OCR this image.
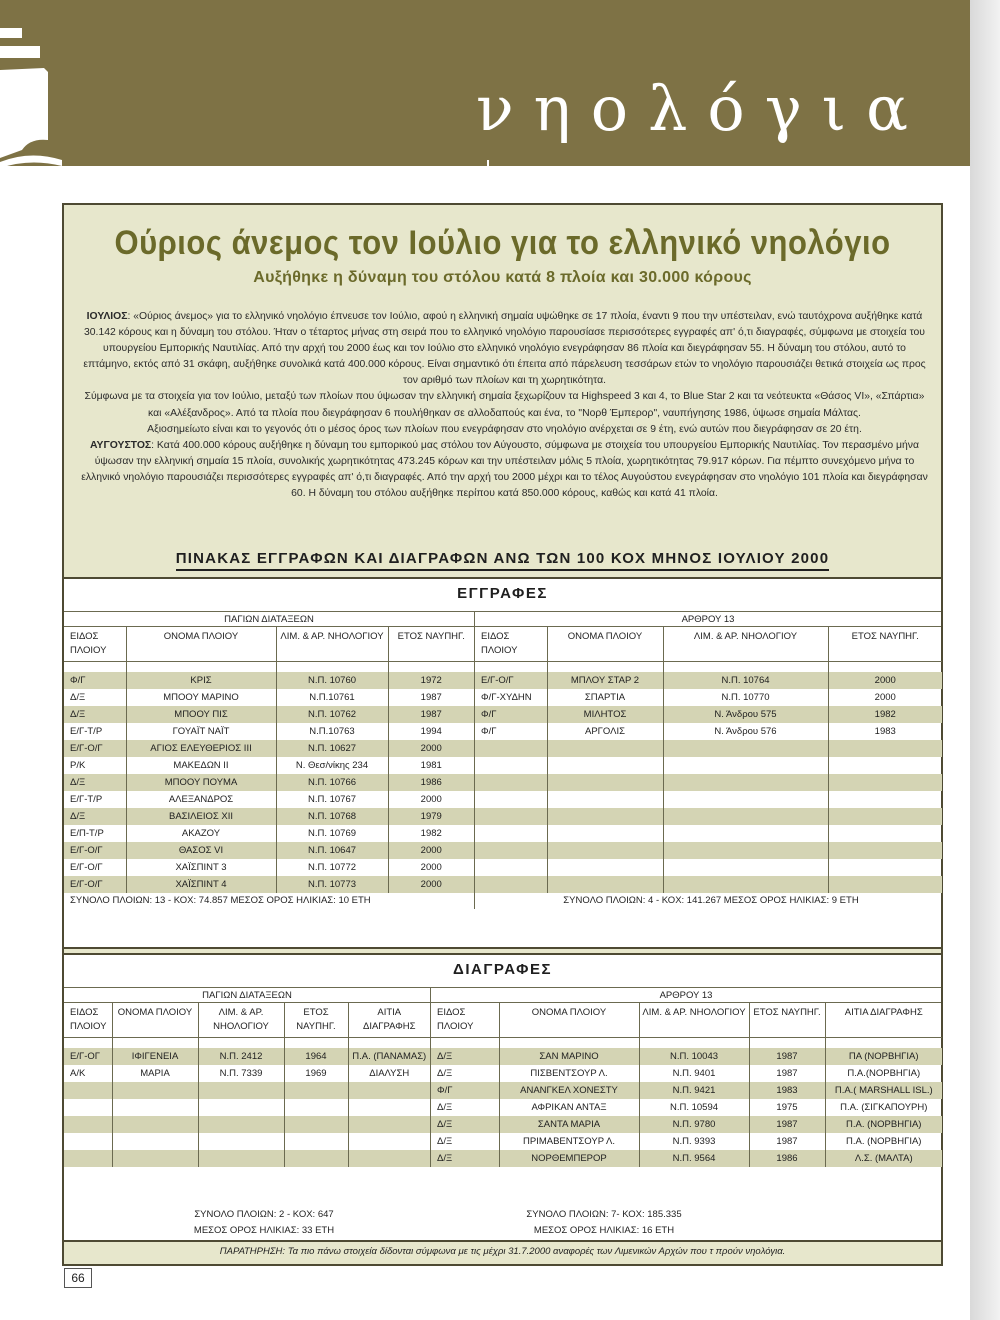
νηολόγια
Ούριος άνεμος τον Ιούλιο για το ελληνικό νηολόγιο
Αυξήθηκε η δύναμη του στόλου κατά 8 πλοία και 30.000 κόρους

ΙΟΥΛΙΟΣ: «Ούριος άνεμος» για το ελληνικό νηολόγιο έπνευσε τον Ιούλιο, αφού η ελληνική σημαία υψώθηκε σε 17 πλοία, έναντι 9 που την υπέστειλαν, ενώ ταυτόχρονα αυξήθηκε κατά 30.142 κόρους και η δύναμη του στόλου. Ήταν ο τέταρτος μήνας στη σειρά που το ελληνικό νηολόγιο παρουσίασε περισσότερες εγγραφές απ' ό,τι διαγραφές, σύμφωνα με στοιχεία του υπουργείου Εμπορικής Ναυτιλίας. Από την αρχή του 2000 έως και τον Ιούλιο στο ελληνικό νηολόγιο ενεγράφησαν 86 πλοία και διεγράφησαν 55. Η δύναμη του στόλου, αυτό το επτάμηνο, εκτός από 31 σκάφη, αυξήθηκε συνολικά κατά 400.000 κόρους. Είναι σημαντικό ότι έπειτα από πάρελευση τεσσάρων ετών το νηολόγιο παρουσιάζει θετικά στοιχεία ως προς τον αριθμό των πλοίων και τη χωρητικότητα.

Σύμφωνα με τα στοιχεία για τον Ιούλιο, μεταξύ των πλοίων που ύψωσαν την ελληνική σημαία ξεχωρίζουν τα Highspeed 3 και 4, το Blue Star 2 και τα νεότευκτα «Θάσος VI», «Σπάρτια» και «Αλέξανδρος». Από τα πλοία που διεγράφησαν 6 πουλήθηκαν σε αλλοδαπούς και ένα, το "Νορθ Έμπερορ", ναυπήγησης 1986, ύψωσε σημαία Μάλτας.

Αξιοσημείωτο είναι και το γεγονός ότι ο μέσος όρος των πλοίων που ενεγράφησαν στο νηολόγιο ανέρχεται σε 9 έτη, ενώ αυτών που διεγράφησαν σε 20 έτη.

ΑΥΓΟΥΣΤΟΣ: Κατά 400.000 κόρους αυξήθηκε η δύναμη του εμπορικού μας στόλου τον Αύγουστο, σύμφωνα με στοιχεία του υπουργείου Εμπορικής Ναυτιλίας. Τον περασμένο μήνα ύψωσαν την ελληνική σημαία 15 πλοία, συνολικής χωρητικότητας 473.245 κόρων και την υπέστειλαν μόλις 5 πλοία, χωρητικότητας 79.917 κόρων. Για πέμπτο συνεχόμενο μήνα το ελληνικό νηολόγιο παρουσιάζει περισσότερες εγγραφές απ' ό,τι διαγραφές. Από την αρχή του 2000 μέχρι και το τέλος Αυγούστου ενεγράφησαν στο νηολόγιο 101 πλοία και διεγράφησαν 60. Η δύναμη του στόλου αυξήθηκε περίπου κατά 850.000 κόρους, καθώς και κατά 41 πλοία.

ΠΙΝΑΚΑΣ ΕΓΓΡΑΦΩΝ ΚΑΙ ΔΙΑΓΡΑΦΩΝ ΑΝΩ ΤΩΝ 100 ΚΟΧ ΜΗΝΟΣ ΙΟΥΛΙΟΥ 2000
ΕΓΓΡΑΦΕΣ
ΠΑΓΙΩΝ ΔΙΑΤΑΞΕΩΝ
ΕΙΔΟΣ ΠΛΟΙΟΥ	ΟΝΟΜΑ ΠΛΟΙΟΥ	ΛΙΜ. & ΑΡ. ΝΗΟΛΟΓΙΟΥ	ΕΤΟΣ ΝΑΥΠΗΓ.

Φ/Γ	ΚΡΙΣ	Ν.Π. 10760	1972
Δ/Ξ	ΜΠΟΟΥ ΜΑΡΙΝΟ	Ν.Π.10761	1987
Δ/Ξ	ΜΠΟΟΥ ΠΙΣ	Ν.Π. 10762	1987
Ε/Γ-Τ/Ρ	ΓΟΥΑΪΤ ΝΑΪΤ	Ν.Π.10763	1994
Ε/Γ-Ο/Γ	ΑΓΙΟΣ ΕΛΕΥΘΕΡΙΟΣ III	Ν.Π. 10627	2000
Ρ/Κ	ΜΑΚΕΔΩΝ II	Ν. Θεσ/νίκης 234	1981
Δ/Ξ	ΜΠΟΟΥ ΠΟΥΜΑ	Ν.Π. 10766	1986
Ε/Γ-Τ/Ρ	ΑΛΕΞΑΝΔΡΟΣ	Ν.Π. 10767	2000
Δ/Ξ	ΒΑΣΙΛΕΙΟΣ XII	Ν.Π. 10768	1979
Ε/Π-Τ/Ρ	ΑΚΑΖΟΥ	Ν.Π. 10769	1982
Ε/Γ-Ο/Γ	ΘΑΣΟΣ VI	Ν.Π. 10647	2000
Ε/Γ-Ο/Γ	ΧΑΪΣΠΙΝΤ 3	Ν.Π. 10772	2000
Ε/Γ-Ο/Γ	ΧΑΪΣΠΙΝΤ 4	Ν.Π. 10773	2000
ΣΥΝΟΛΟ ΠΛΟΙΩΝ: 13 - ΚΟΧ: 74.857 ΜΕΣΟΣ ΟΡΟΣ ΗΛΙΚΙΑΣ: 10 ΕΤΗ
ΑΡΘΡΟΥ 13
ΕΙΔΟΣ ΠΛΟΙΟΥ	ΟΝΟΜΑ ΠΛΟΙΟΥ	ΛΙΜ. & ΑΡ. ΝΗΟΛΟΓΙΟΥ	ΕΤΟΣ ΝΑΥΠΗΓ.

Ε/Γ-Ο/Γ	ΜΠΛΟΥ ΣΤΑΡ 2	Ν.Π. 10764	2000
Φ/Γ-ΧΥΔΗΝ	ΣΠΑΡΤΙΑ	Ν.Π. 10770	2000
Φ/Γ	ΜΙΛΗΤΟΣ	Ν. Άνδρου 575	1982
Φ/Γ	ΑΡΓΟΛΙΣ	Ν. Άνδρου 576	1983

ΣΥΝΟΛΟ ΠΛΟΙΩΝ: 4 - ΚΟΧ: 141.267 ΜΕΣΟΣ ΟΡΟΣ ΗΛΙΚΙΑΣ: 9 ΕΤΗ
ΔΙΑΓΡΑΦΕΣ
ΠΑΓΙΩΝ ΔΙΑΤΑΞΕΩΝ
ΕΙΔΟΣ ΠΛΟΙΟΥ	ΟΝΟΜΑ ΠΛΟΙΟΥ	ΛΙΜ. & ΑΡ. ΝΗΟΛΟΓΙΟΥ	ΕΤΟΣ ΝΑΥΠΗΓ.	ΑΙΤΙΑ ΔΙΑΓΡΑΦΗΣ

Ε/Γ-ΟΓ	ΙΦΙΓΕΝΕΙΑ	Ν.Π. 2412	1964	Π.Α. (ΠΑΝΑΜΑΣ)
Α/Κ	ΜΑΡΙΑ	Ν.Π. 7339	1969	ΔΙΑΛΥΣΗ

ΑΡΘΡΟΥ 13
ΕΙΔΟΣ ΠΛΟΙΟΥ	ΟΝΟΜΑ ΠΛΟΙΟΥ	ΛΙΜ. & ΑΡ. ΝΗΟΛΟΓΙΟΥ	ΕΤΟΣ ΝΑΥΠΗΓ.	ΑΙΤΙΑ ΔΙΑΓΡΑΦΗΣ

Δ/Ξ	ΣΑΝ ΜΑΡΙΝΟ	Ν.Π. 10043	1987	ΠΑ (ΝΟΡΒΗΓΙΑ)
Δ/Ξ	ΠΙΣΒΕΝΤΣΟΥΡ Λ.	Ν.Π. 9401	1987	Π.Α.(ΝΟΡΒΗΓΙΑ)
Φ/Γ	ΑΝΑΝΓΚΕΛ ΧΟΝΕΣΤΥ	Ν.Π. 9421	1983	Π.Α.( MARSHALL ISL.)
Δ/Ξ	ΑΦΡΙΚΑΝ ΑΝΤΑΞ	Ν.Π. 10594	1975	Π.Α. (ΣΙΓΚΑΠΟΥΡΗ)
Δ/Ξ	ΣΑΝΤΑ ΜΑΡΙΑ	Ν.Π. 9780	1987	Π.Α. (ΝΟΡΒΗΓΙΑ)
Δ/Ξ	ΠΡΙΜΑΒΕΝΤΣΟΥΡ Λ.	Ν.Π. 9393	1987	Π.Α. (ΝΟΡΒΗΓΙΑ)
Δ/Ξ	ΝΟΡΘΕΜΠΕΡΟΡ	Ν.Π. 9564	1986	Λ.Σ. (ΜΑΛΤΑ)
ΣΥΝΟΛΟ ΠΛΟΙΩΝ: 2 - ΚΟΧ: 647
ΜΕΣΟΣ ΟΡΟΣ ΗΛΙΚΙΑΣ: 33 ΕΤΗ
ΣΥΝΟΛΟ ΠΛΟΙΩΝ: 7- ΚΟΧ: 185.335
ΜΕΣΟΣ ΟΡΟΣ ΗΛΙΚΙΑΣ: 16 ΕΤΗ
ΠΑΡΑΤΗΡΗΣΗ: Τα πιο πάνω στοιχεία δίδονται σύμφωνα με τις μέχρι 31.7.2000 αναφορές των Λιμενικών Αρχών που τ προύν νηολόγια.
66
